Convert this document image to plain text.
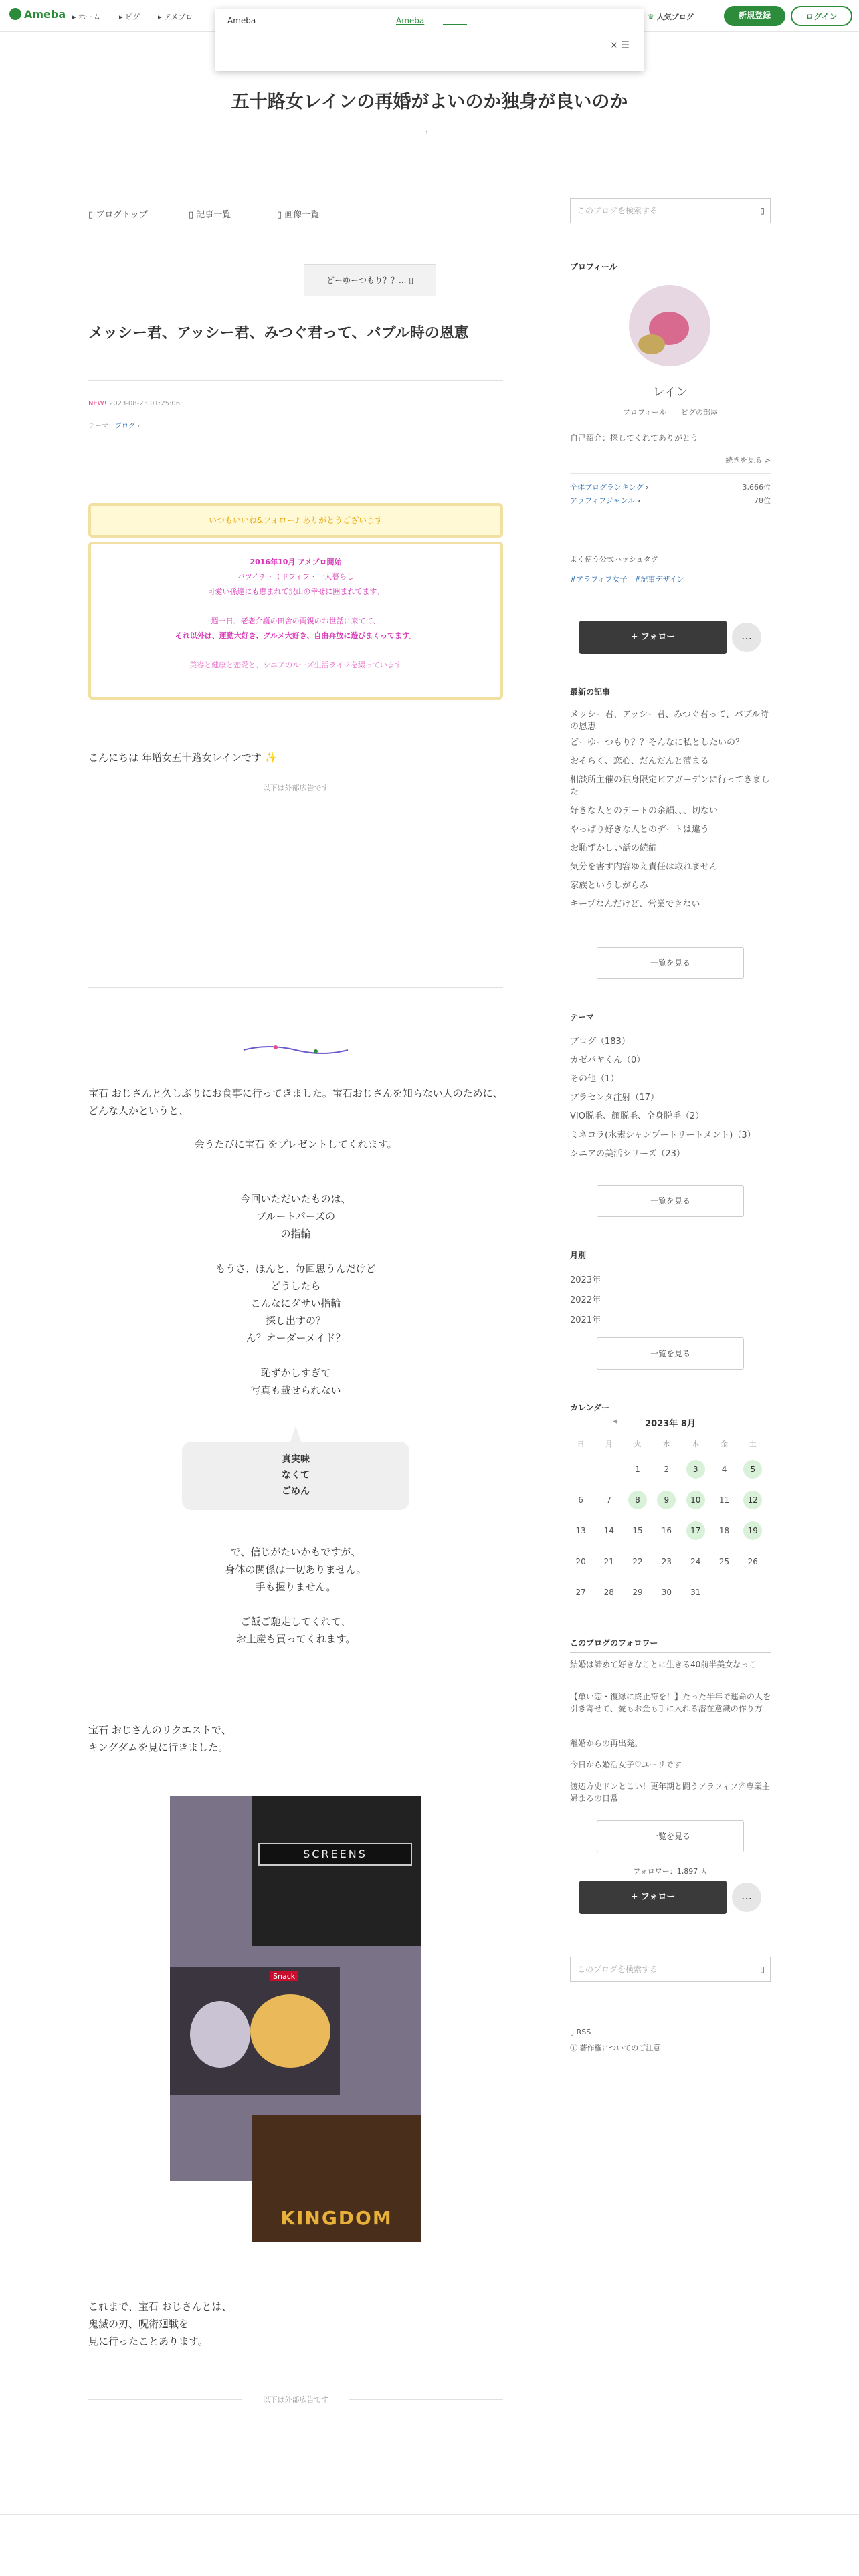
Ameba ▸ ホーム	▸ ピグ ▸ アメブロ	♛ 人気ブログ	新規登録	ログイン
Ameba	Ameba
× ☰
五十路女レインの再婚がよいのか独身が良いのか
，
▯ ブログトップ	▯ 記事一覧	▯ 画像一覧	このブログを検索する	▯
どーゆーつもり？？... ▯
メッシー君、アッシー君、みつぐ君って、バブル時の恩恵
NEW! 2023-08-23 01:25:06
テーマ：ブログ ›
いつもいいね&フォロー♪ ありがとうございます
2016年10月 アメブロ開始
バツイチ・ミドフィフ・一人暮らし
可愛い孫達にも恵まれて沢山の幸せに囲まれてます。
週一日、老老介護の田舎の両親のお世話に来てて、
それ以外は、運動大好き、グルメ大好き、自由奔放に遊びまくってます。
美容と健康と恋愛と、シニアのルーズ生活ライフを綴っています
こんにちは 年増女五十路女レインです ✨
以下は外部広告です
宝石 おじさんと久しぶりにお食事に行ってきました。宝石おじさんを知らない人のために、どんな人かというと、
会うたびに宝石 をプレゼントしてくれます。
今回いただいたものは、
ブルートパーズの
の指輪
もうさ、ほんと、毎回思うんだけど
どうしたら
こんなにダサい指輪
探し出すの？
ん？オーダーメイド？
恥ずかしすぎて
写真も載せられない
真実味
なくて
ごめん
で、信じがたいかもですが、
身体の関係は一切ありません。
手も握りません。
ご飯ご馳走してくれて、
お土産も買ってくれます。
宝石 おじさんのリクエストで、
キングダムを見に行きました。
SCREENS
Snack
KINGDOM
これまで、宝石 おじさんとは、
鬼滅の刃、呪術廻戦を
見に行ったことあります。
以下は外部広告です
プロフィール
レイン
プロフィール　　 ピグの部屋
自己紹介：探してくれてありがとう
続きを見る >
全体ブログランキング ›	3,666位
アラフィフジャンル ›	78位
よく使う公式ハッシュタグ
#アラフィフ女子　 #記事デザイン
+ フォロー	…
最新の記事
メッシー君、アッシー君、みつぐ君って、バブル時の恩恵
どーゆーつもり？？そんなに私としたいの？
おそらく、恋心、だんだんと薄まる
相談所主催の独身限定ビアガーデンに行ってきました
好きな人とのデートの余韻、、、切ない
やっぱり好きな人とのデートは違う
お恥ずかしい話の続編
気分を害す内容ゆえ責任は取れません
家族というしがらみ
キープなんだけど、営業できない
一覧を見る
テーマ
ブログ（183）
カゼパヤくん（0）
その他（1）
プラセンタ注射（17）
VIO脱毛、顔脱毛、全身脱毛（2）
ミネコラ(水素シャンプートリートメント)（3）
シニアの美活シリーズ（23）
一覧を見る
月別
2023年
2022年
2021年
一覧を見る
カレンダー
◂	2023年 8月
日	月	火	水	木	金	土
		1	2	3	4	5
6	7	8	9	10	11	12
13	14	15	16	17	18	19
20	21	22	23	24	25	26
27	28	29	30	31		
このブログのフォロワー
結婚は諦めて好きなことに生きる40前半美女なっこ
【単い恋・復縁に終止符を！】たった半年で運命の人を引き寄せて、愛もお金も手に入れる潜在意識の作り方
離婚からの再出発。
今日から婚活女子♡ユーリです
渡辺方史ドンとこい！更年期と闘うアラフィフ＠専業主婦まるの日常
一覧を見る
フォロワー：1,897 人
+ フォロー	…
このブログを検索する	▯
▯ RSS
ⓘ 著作権についてのご注意
